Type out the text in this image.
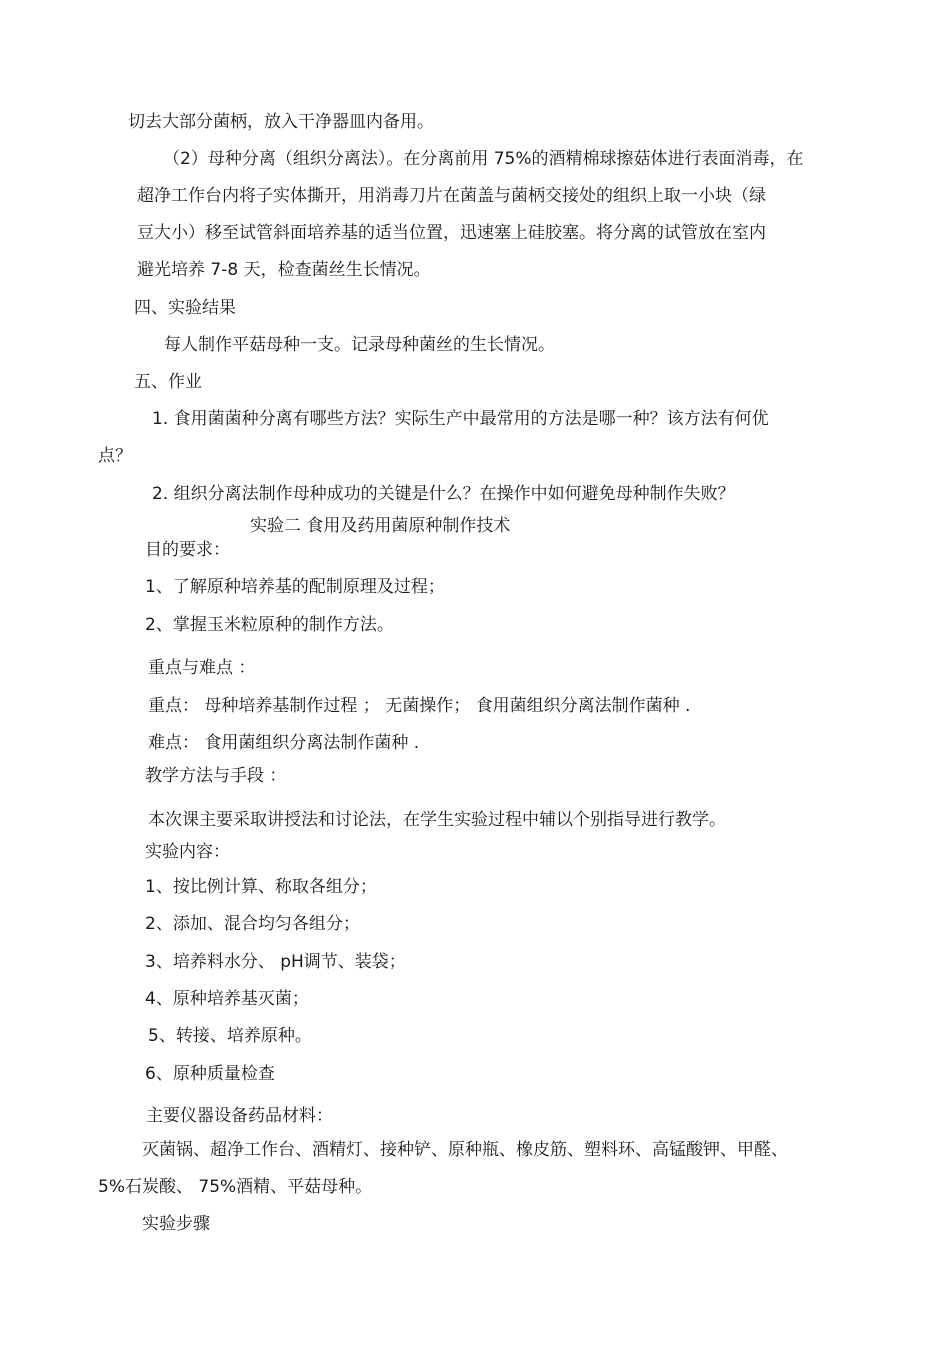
切去大部分菌柄，放入干净器皿内备用。
（2）母种分离（组织分离法）。在分离前用 75%的酒精棉球擦菇体进行表面消毒，在
超净工作台内将子实体撕开，用消毒刀片在菌盖与菌柄交接处的组织上取一小块（绿
豆大小）移至试管斜面培养基的适当位置，迅速塞上硅胶塞。将分离的试管放在室内
避光培养 7-8 天，检查菌丝生长情况。
四、实验结果
每人制作平菇母种一支。记录母种菌丝的生长情况。
五、作业
1. 食用菌菌种分离有哪些方法？实际生产中最常用的方法是哪一种？该方法有何优
点？
2. 组织分离法制作母种成功的关键是什么？在操作中如何避免母种制作失败？
实验二 食用及药用菌原种制作技术
目的要求：
1、了解原种培养基的配制原理及过程；
2、掌握玉米粒原种的制作方法。
重点与难点 ：
重点： 母种培养基制作过程 ； 无菌操作； 食用菌组织分离法制作菌种 .
难点： 食用菌组织分离法制作菌种 .
教学方法与手段 ：
本次课主要采取讲授法和讨论法，在学生实验过程中辅以个别指导进行教学。
实验内容：
1、按比例计算、称取各组分；
2、添加、混合均匀各组分；
3、培养料水分、 pH调节、装袋；
4、原种培养基灭菌；
5、转接、培养原种。
6、原种质量检查
主要仪器设备药品材料：
灭菌锅、超净工作台、酒精灯、接种铲、原种瓶、橡皮筋、塑料环、高锰酸钾、甲醛、
5%石炭酸、 75%酒精、平菇母种。
实验步骤
